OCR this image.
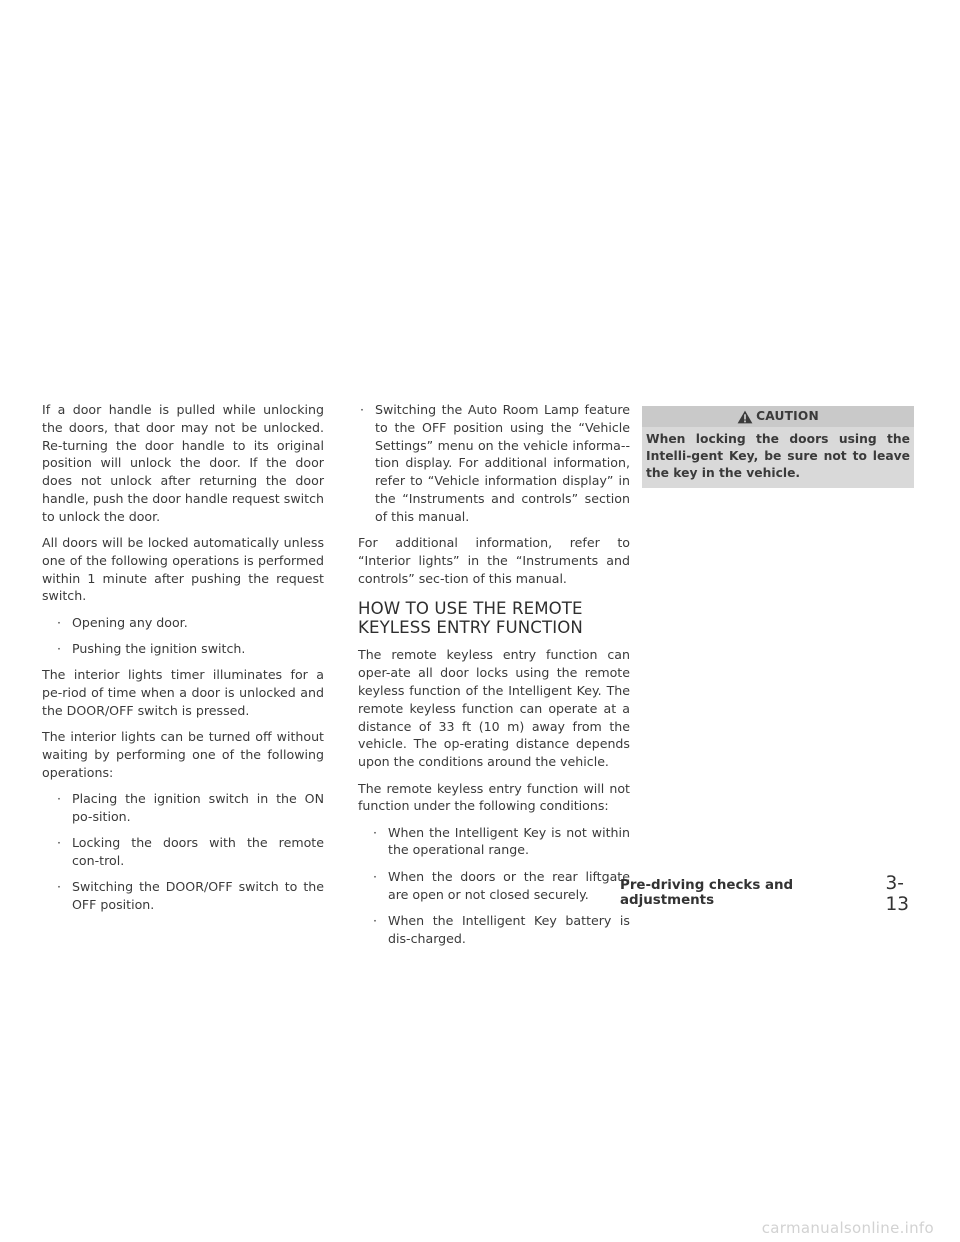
If a door handle is pulled while unlocking the doors, that door may not be unlocked. Re-turning the door handle to its original position will unlock the door. If the door does not unlock after returning the door handle, push the door handle request switch to unlock the door.

All doors will be locked automatically unless one of the following operations is performed within 1 minute after pushing the request switch.

· Opening any door.
· Pushing the ignition switch.

The interior lights timer illuminates for a pe-riod of time when a door is unlocked and the DOOR/OFF switch is pressed.

The interior lights can be turned off without waiting by performing one of the following operations:

· Placing the ignition switch in the ON po-sition.
· Locking the doors with the remote con-trol.
· Switching the DOOR/OFF switch to the OFF position.
· Switching the Auto Room Lamp feature to the OFF position using the “Vehicle Settings” menu on the vehicle informa-tion display. For additional information, refer to “Vehicle information display” in the “Instruments and controls” section of this manual.

For additional information, refer to “Interior lights” in the “Instruments and controls” sec-tion of this manual.

HOW TO USE THE REMOTE
KEYLESS ENTRY FUNCTION

The remote keyless entry function can oper-ate all door locks using the remote keyless function of the Intelligent Key. The remote keyless function can operate at a distance of 33 ft (10 m) away from the vehicle. The op-erating distance depends upon the conditions around the vehicle.

The remote keyless entry function will not function under the following conditions:

· When the Intelligent Key is not within the operational range.
· When the doors or the rear liftgate are open or not closed securely.
· When the Intelligent Key battery is dis-charged.
CAUTION
When locking the doors using the Intelli-gent Key, be sure not to leave the key in the vehicle.
Pre-driving checks and adjustments
3-13
carmanualsonline.info
